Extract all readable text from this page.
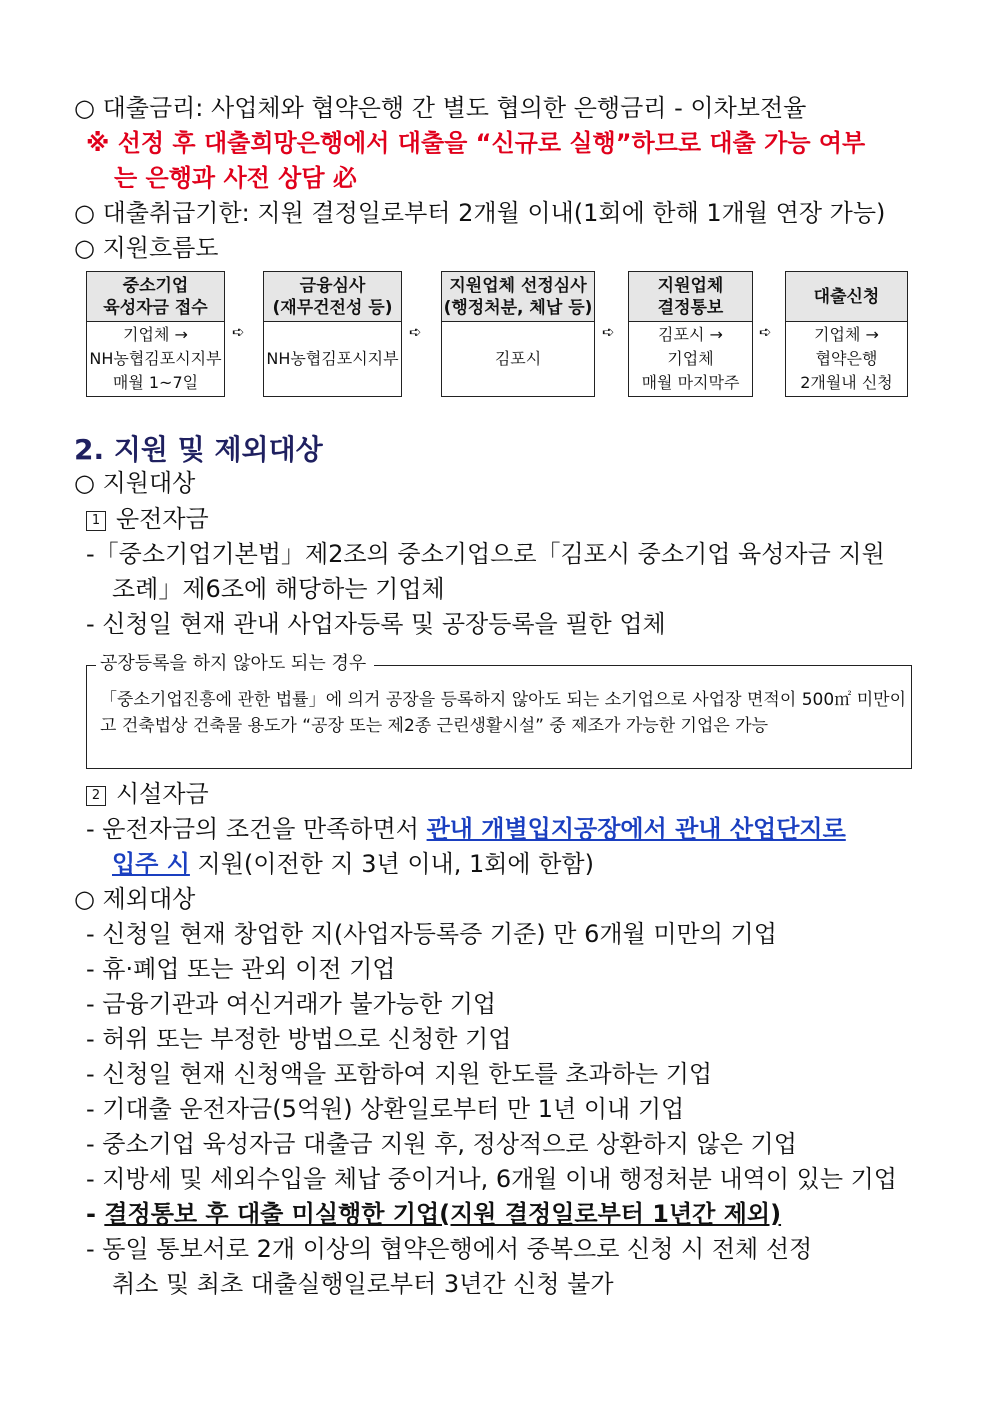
○ 대출금리: 사업체와 협약은행 간 별도 협의한 은행금리 - 이차보전율
※ 선정 후 대출희망은행에서 대출을 “신규로 실행”하므로 대출 가능 여부
는 은행과 사전 상담 必
○ 대출취급기한: 지원 결정일로부터 2개월 이내(1회에 한해 1개월 연장 가능)
○ 지원흐름도
중소기업
육성자금 접수
기업체 →
NH농협김포시지부
매월 1~7일
➪
금융심사
(재무건전성 등)
NH농협김포시지부
➪
지원업체 선정심사
(행정처분, 체납 등)
김포시
➪
지원업체
결정통보
김포시 →
기업체
매월 마지막주
➪
대출신청
기업체 →
협약은행
2개월내 신청
2. 지원 및 제외대상
○ 지원대상
1 운전자금
-「중소기업기본법」제2조의 중소기업으로「김포시 중소기업 육성자금 지원
조례」제6조에 해당하는 기업체
- 신청일 현재 관내 사업자등록 및 공장등록을 필한 업체
공장등록을 하지 않아도 되는 경우
「중소기업진흥에 관한 법률」에 의거 공장을 등록하지 않아도 되는 소기업으로 사업장 면적이 500㎡ 미만이고 건축법상 건축물 용도가 “공장 또는 제2종 근린생활시설” 중 제조가 가능한 기업은 가능
2 시설자금
- 운전자금의 조건을 만족하면서 관내 개별입지공장에서 관내 산업단지로
입주 시 지원(이전한 지 3년 이내, 1회에 한함)
○ 제외대상
- 신청일 현재 창업한 지(사업자등록증 기준) 만 6개월 미만의 기업
- 휴·폐업 또는 관외 이전 기업
- 금융기관과 여신거래가 불가능한 기업
- 허위 또는 부정한 방법으로 신청한 기업
- 신청일 현재 신청액을 포함하여 지원 한도를 초과하는 기업
- 기대출 운전자금(5억원) 상환일로부터 만 1년 이내 기업
- 중소기업 육성자금 대출금 지원 후, 정상적으로 상환하지 않은 기업
- 지방세 및 세외수입을 체납 중이거나, 6개월 이내 행정처분 내역이 있는 기업
- 결정통보 후 대출 미실행한 기업(지원 결정일로부터 1년간 제외)
- 동일 통보서로 2개 이상의 협약은행에서 중복으로 신청 시 전체 선정
취소 및 최초 대출실행일로부터 3년간 신청 불가
